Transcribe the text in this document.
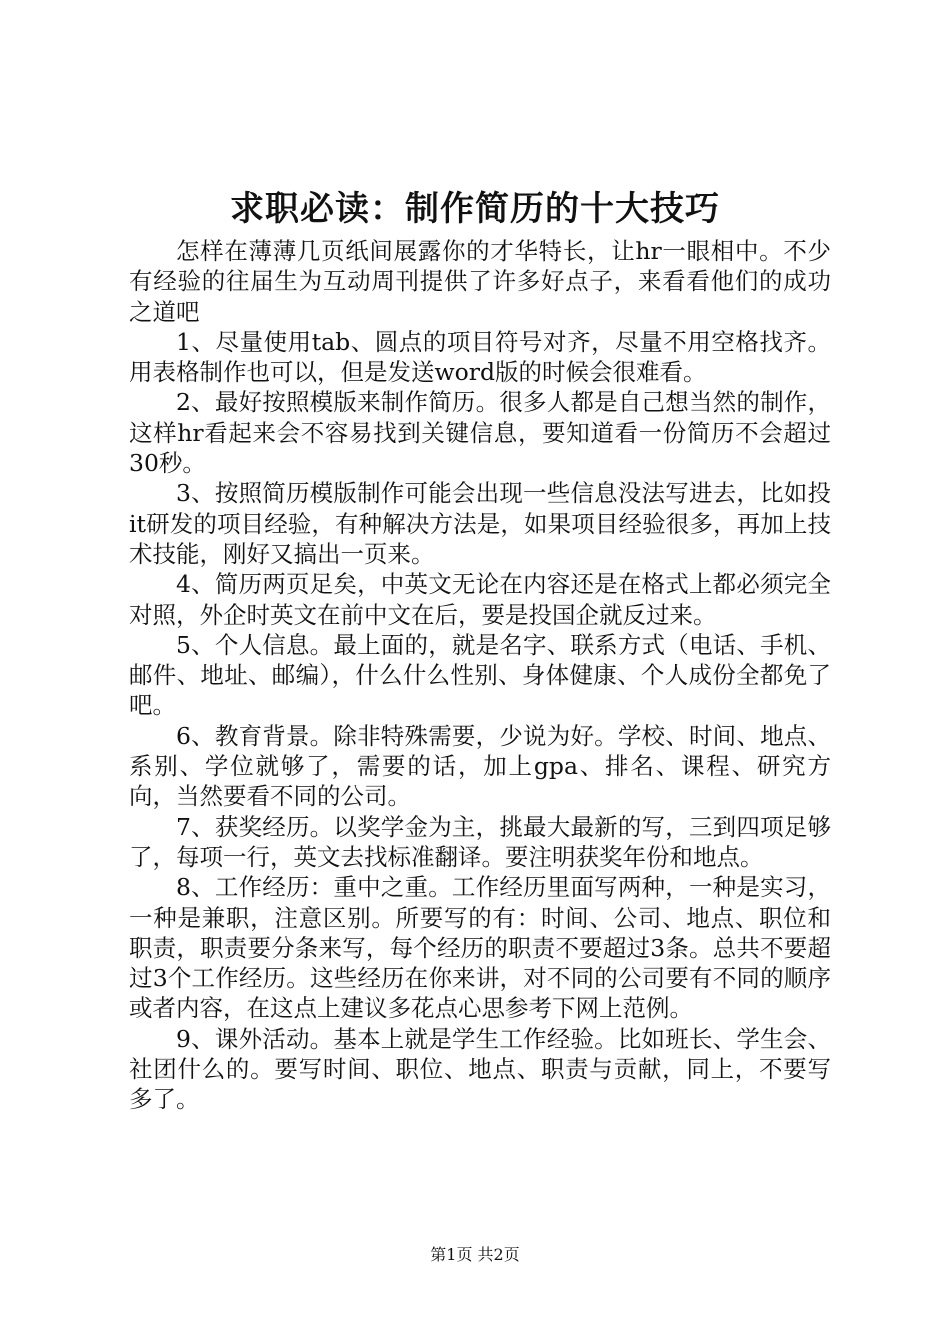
求职必读：制作简历的十大技巧

怎样在薄薄几页纸间展露你的才华特长，让hr一眼相中。不少有经验的往届生为互动周刊提供了许多好点子，来看看他们的成功之道吧

1、尽量使用tab、圆点的项目符号对齐，尽量不用空格找齐。用表格制作也可以，但是发送word版的时候会很难看。

2、最好按照模版来制作简历。很多人都是自己想当然的制作，这样hr看起来会不容易找到关键信息，要知道看一份简历不会超过30秒。

3、按照简历模版制作可能会出现一些信息没法写进去，比如投it研发的项目经验，有种解决方法是，如果项目经验很多，再加上技术技能，刚好又搞出一页来。

4、简历两页足矣，中英文无论在内容还是在格式上都必须完全对照，外企时英文在前中文在后，要是投国企就反过来。

5、个人信息。最上面的，就是名字、联系方式（电话、手机、邮件、地址、邮编），什么什么性别、身体健康、个人成份全都免了吧。

6、教育背景。除非特殊需要，少说为好。学校、时间、地点、系别、学位就够了，需要的话，加上gpa、排名、课程、研究方向，当然要看不同的公司。

7、获奖经历。以奖学金为主，挑最大最新的写，三到四项足够了，每项一行，英文去找标准翻译。要注明获奖年份和地点。

8、工作经历：重中之重。工作经历里面写两种，一种是实习，一种是兼职，注意区别。所要写的有：时间、公司、地点、职位和职责，职责要分条来写，每个经历的职责不要超过3条。总共不要超过3个工作经历。这些经历在你来讲，对不同的公司要有不同的顺序或者内容，在这点上建议多花点心思参考下网上范例。

9、课外活动。基本上就是学生工作经验。比如班长、学生会、社团什么的。要写时间、职位、地点、职责与贡献，同上，不要写多了。

第1页 共2页
